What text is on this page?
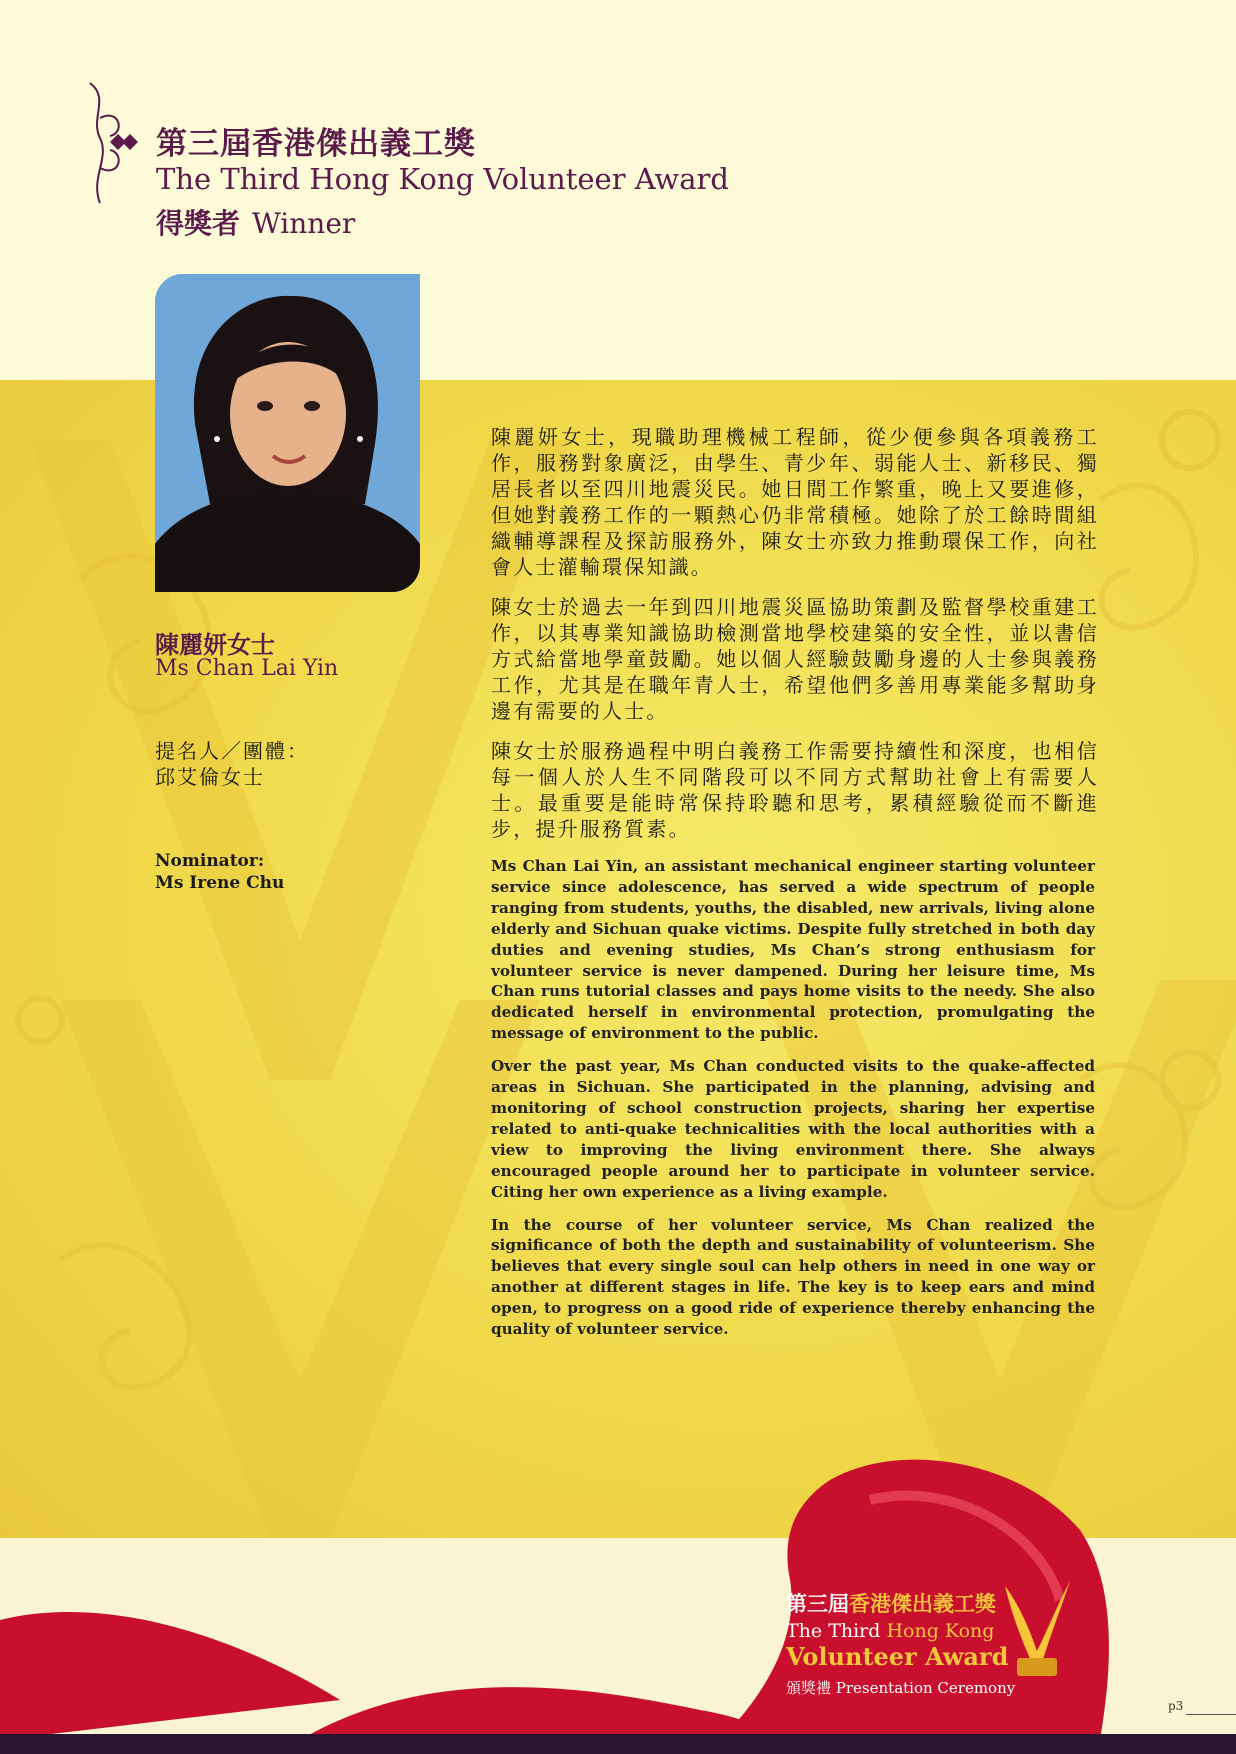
第三屆香港傑出義工獎
The Third Hong Kong Volunteer Award
得獎者 Winner
陳麗妍女士
Ms Chan Lai Yin
提名人／團體：
邱艾倫女士
Nominator:
Ms Irene Chu

陳麗妍女士，現職助理機械工程師，從少便參與各項義務工作，服務對象廣泛，由學生、青少年、弱能人士、新移民、獨居長者以至四川地震災民。她日間工作繁重，晚上又要進修，但她對義務工作的一顆熱心仍非常積極。她除了於工餘時間組織輔導課程及探訪服務外，陳女士亦致力推動環保工作，向社會人士灌輸環保知識。

陳女士於過去一年到四川地震災區協助策劃及監督學校重建工作，以其專業知識協助檢測當地學校建築的安全性，並以書信方式給當地學童鼓勵。她以個人經驗鼓勵身邊的人士參與義務工作，尤其是在職年青人士，希望他們多善用專業能多幫助身邊有需要的人士。

陳女士於服務過程中明白義務工作需要持續性和深度，也相信每一個人於人生不同階段可以不同方式幫助社會上有需要人士。最重要是能時常保持聆聽和思考，累積經驗從而不斷進步，提升服務質素。

Ms Chan Lai Yin, an assistant mechanical engineer starting volunteer service since adolescence, has served a wide spectrum of people ranging from students, youths, the disabled, new arrivals, living alone elderly and Sichuan quake victims. Despite fully stretched in both day duties and evening studies, Ms Chan’s strong enthusiasm for volunteer service is never dampened. During her leisure time, Ms Chan runs tutorial classes and pays home visits to the needy. She also dedicated herself in environmental protection, promulgating the message of environment to the public.

Over the past year, Ms Chan conducted visits to the quake-affected areas in Sichuan. She participated in the planning, advising and monitoring of school construction projects, sharing her expertise related to anti-quake technicalities with the local authorities with a view to improving the living environment there. She always encouraged people around her to participate in volunteer service. Citing her own experience as a living example.

In the course of her volunteer service, Ms Chan realized the significance of both the depth and sustainability of volunteerism. She believes that every single soul can help others in need in one way or another at different stages in life. The key is to keep ears and mind open, to progress on a good ride of experience thereby enhancing the quality of volunteer service.

第三屆香港傑出義工獎
The Third Hong Kong
Volunteer Award
頒獎禮 Presentation Ceremony
p3
